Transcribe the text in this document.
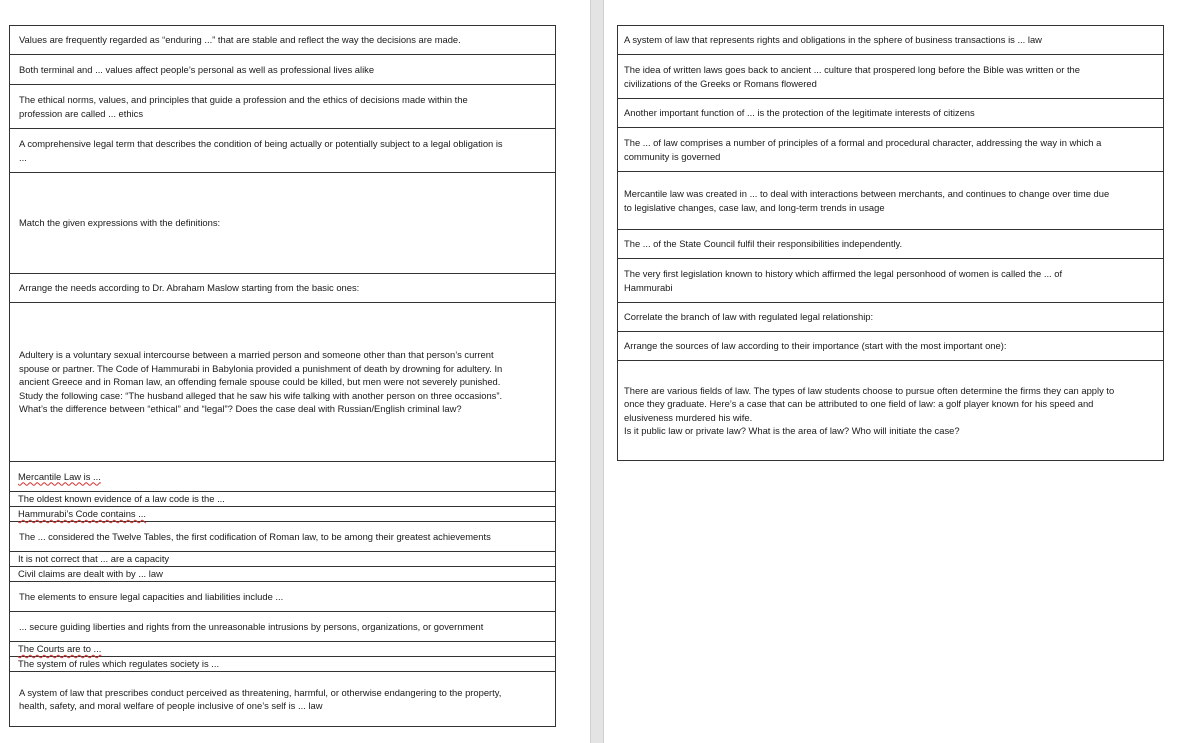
Values are frequently regarded as “enduring ...” that are stable and reflect the way the decisions are made.
Both terminal and ... values affect people’s personal as well as professional lives alike
The ethical norms, values, and principles that guide a profession and the ethics of decisions made within the
profession are called ... ethics
A comprehensive legal term that describes the condition of being actually or potentially subject to a legal obligation is
...
Match the given expressions with the definitions:
Arrange the needs according to Dr. Abraham Maslow starting from the basic ones:
Adultery is a voluntary sexual intercourse between a married person and someone other than that person’s current
spouse or partner. The Code of Hammurabi in Babylonia provided a punishment of death by drowning for adultery. In
ancient Greece and in Roman law, an offending female spouse could be killed, but men were not severely punished.
Study the following case: “The husband alleged that he saw his wife talking with another person on three occasions”.
What’s the difference between “ethical” and “legal”? Does the case deal with Russian/English criminal law?
Mercantile Law is ...
The oldest known evidence of a law code is the ...
Hammurabi’s Code contains ...
The ... considered the Twelve Tables, the first codification of Roman law, to be among their greatest achievements
It is not correct that ... are a capacity
Civil claims are dealt with by ... law
The elements to ensure legal capacities and liabilities include ...
... secure guiding liberties and rights from the unreasonable intrusions by persons, organizations, or government
The Courts are to ...
The system of rules which regulates society is ...
A system of law that prescribes conduct perceived as threatening, harmful, or otherwise endangering to the property,
health, safety, and moral welfare of people inclusive of one’s self is ... law
A system of law that represents rights and obligations in the sphere of business transactions is ... law
The idea of written laws goes back to ancient ... culture that prospered long before the Bible was written or the
civilizations of the Greeks or Romans flowered
Another important function of ... is the protection of the legitimate interests of citizens
The ... of law comprises a number of principles of a formal and procedural character, addressing the way in which a
community is governed
Mercantile law was created in ... to deal with interactions between merchants, and continues to change over time due
to legislative changes, case law, and long-term trends in usage
The ... of the State Council fulfil their responsibilities independently.
The very first legislation known to history which affirmed the legal personhood of women is called the ... of
Hammurabi
Correlate the branch of law with regulated legal relationship:
Arrange the sources of law according to their importance (start with the most important one):
There are various fields of law. The types of law students choose to pursue often determine the firms they can apply to
once they graduate. Here’s a case that can be attributed to one field of law: a golf player known for his speed and
elusiveness murdered his wife.
Is it public law or private law? What is the area of law? Who will initiate the case?
